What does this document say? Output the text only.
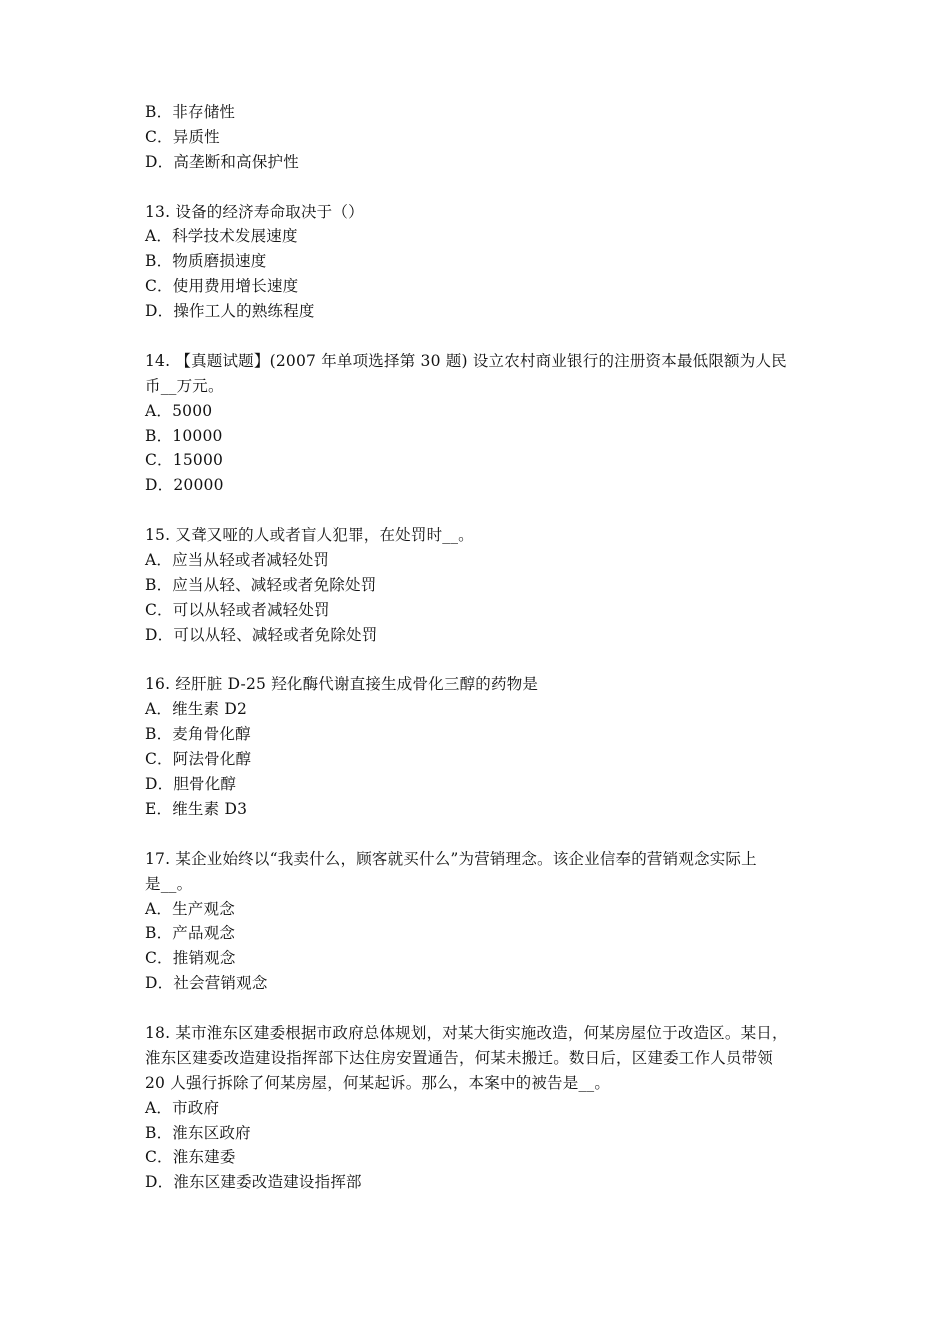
B．非存储性
C．异质性
D．高垄断和高保护性
13. 设备的经济寿命取决于（）
A．科学技术发展速度
B．物质磨损速度
C．使用费用增长速度
D．操作工人的熟练程度
14. 【真题试题】(2007 年单项选择第 30 题) 设立农村商业银行的注册资本最低限额为人民
币__万元。
A．5000
B．10000
C．15000
D．20000
15. 又聋又哑的人或者盲人犯罪，在处罚时__。
A．应当从轻或者减轻处罚
B．应当从轻、减轻或者免除处罚
C．可以从轻或者减轻处罚
D．可以从轻、减轻或者免除处罚
16. 经肝脏 D-25 羟化酶代谢直接生成骨化三醇的药物是
A．维生素 D2
B．麦角骨化醇
C．阿法骨化醇
D．胆骨化醇
E．维生素 D3
17. 某企业始终以“我卖什么，顾客就买什么”为营销理念。该企业信奉的营销观念实际上
是__。
A．生产观念
B．产品观念
C．推销观念
D．社会营销观念
18. 某市淮东区建委根据市政府总体规划，对某大街实施改造，何某房屋位于改造区。某日，
淮东区建委改造建设指挥部下达住房安置通告，何某未搬迁。数日后，区建委工作人员带领
20 人强行拆除了何某房屋，何某起诉。那么，本案中的被告是__。
A．市政府
B．淮东区政府
C．淮东建委
D．淮东区建委改造建设指挥部
